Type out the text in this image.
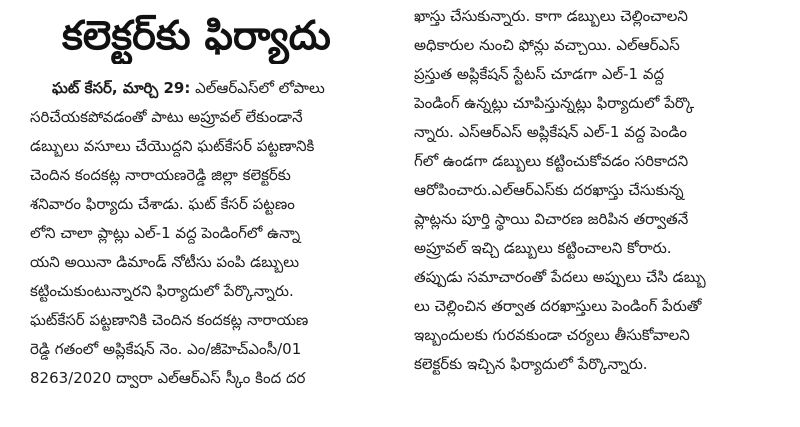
కలెక్టర్‌కు ఫిర్యాదు
ఘట్ కేసర్, మార్చి 29: ఎల్ఆర్ఎస్‌లో లోపాలు
సరిచేయకపోవడంతో పాటు అప్రూవల్ లేకుండానే
డబ్బులు వసూలు చేయొద్దని ఘట్‌కేసర్ పట్టణానికి
చెందిన కందకట్ల నారాయణరెడ్డి జిల్లా కలెక్టర్‌కు
శనివారం ఫిర్యాదు చేశాడు. ఘట్ కేసర్ పట్టణం
లోని చాలా ప్లాట్లు ఎల్‌-1 వద్ద పెండింగ్‌లో ఉన్నా
యని అయినా డిమాండ్ నోటీసు పంపి డబ్బులు
కట్టించుకుంటున్నారని ఫిర్యాదులో పేర్కొన్నారు.
ఘట్‌కేసర్ పట్టణానికి చెందిన కందకట్ల నారాయణ
రెడ్డి గతంలో అప్లికేషన్ నెం. ఎం/జీహెచ్ఎంసీ/01
8263/2020 ద్వారా ఎల్ఆర్ఎస్ స్కీం కింద దర
ఖాస్తు చేసుకున్నారు. కాగా డబ్బులు చెల్లించాలని
అధికారుల నుంచి ఫోన్లు వచ్చాయి. ఎల్ఆర్ఎస్
ప్రస్తుత అప్లికేషన్ స్టేటస్ చూడగా ఎల్‌-1 వద్ద
పెండింగ్ ఉన్నట్లు చూపిస్తున్నట్లు ఫిర్యాదులో పేర్కొ
న్నారు. ఎస్ఆర్ఎస్ అప్లికేషన్ ఎల్‌-1 వద్ద పెండిం
గ్‌లో ఉండగా డబ్బులు కట్టించుకోవడం సరికాదని
ఆరోపించారు.ఎల్ఆర్ఎస్‌కు దరఖాస్తు చేసుకున్న
ప్లాట్లను పూర్తి స్థాయి విచారణ జరిపిన తర్వాతనే
అప్రూవల్ ఇచ్చి డబ్బులు కట్టించాలని కోరారు.
తప్పుడు సమాచారంతో పేదలు అప్పులు చేసి డబ్బు
లు చెల్లించిన తర్వాత దరఖాస్తులు పెండింగ్ పేరుతో
ఇబ్బందులకు గురవకుండా చర్యలు తీసుకోవాలని
కలెక్టర్‌కు ఇచ్చిన ఫిర్యాదులో పేర్కొన్నారు.
